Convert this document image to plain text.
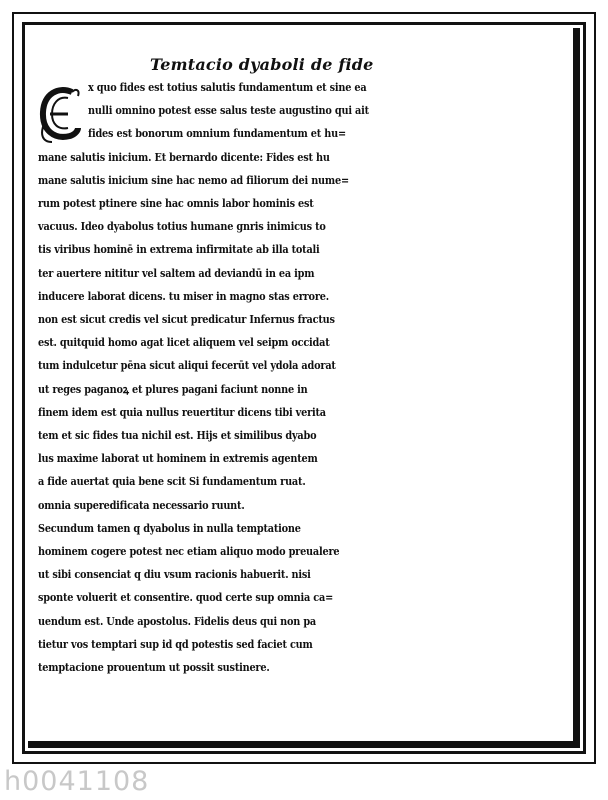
Temtacio dyaboli de fide
x quo fides est totius salutis fundamentum et sine ea
nulli omnino potest esse salus teste augustino qui ait
fides est bonorum omnium fundamentum et hu=
mane salutis inicium. Et bernardo dicente: Fides est hu
mane salutis inicium sine hac nemo ad filiorum dei nume=
rum potest ptinere sine hac omnis labor hominis est
vacuus. Ideo dyabolus totius humane gnris inimicus to
tis viribus hominē in extrema infirmitate ab illa totali
ter auertere nititur vel saltem ad deviandū in ea ipm
inducere laborat dicens. tu miser in magno stas errore.
non est sicut credis vel sicut predicatur Infernus fractus
est. quitquid homo agat licet aliquem vel seipm occidat
tum indulcetur pēna sicut aliqui fecerūt vel ydola adorat
ut reges paganoꝝ et plures pagani faciunt nonne in
finem idem est quia nullus reuertitur dicens tibi verita
tem et sic fides tua nichil est. Hijs et similibus dyabo
lus maxime laborat ut hominem in extremis agentem
a fide auertat quia bene scit Si fundamentum ruat.
omnia superedificata necessario ruunt.
Secundum tamen q dyabolus in nulla temptatione
hominem cogere potest nec etiam aliquo modo preualere
ut sibi consenciat q diu vsum racionis habuerit. nisi
sponte voluerit et consentire. quod certe sup omnia ca=
uendum est. Unde apostolus. Fidelis deus qui non pa
tietur vos temptari sup id qd potestis sed faciet cum
temptacione prouentum ut possit sustinere.
h0041108
